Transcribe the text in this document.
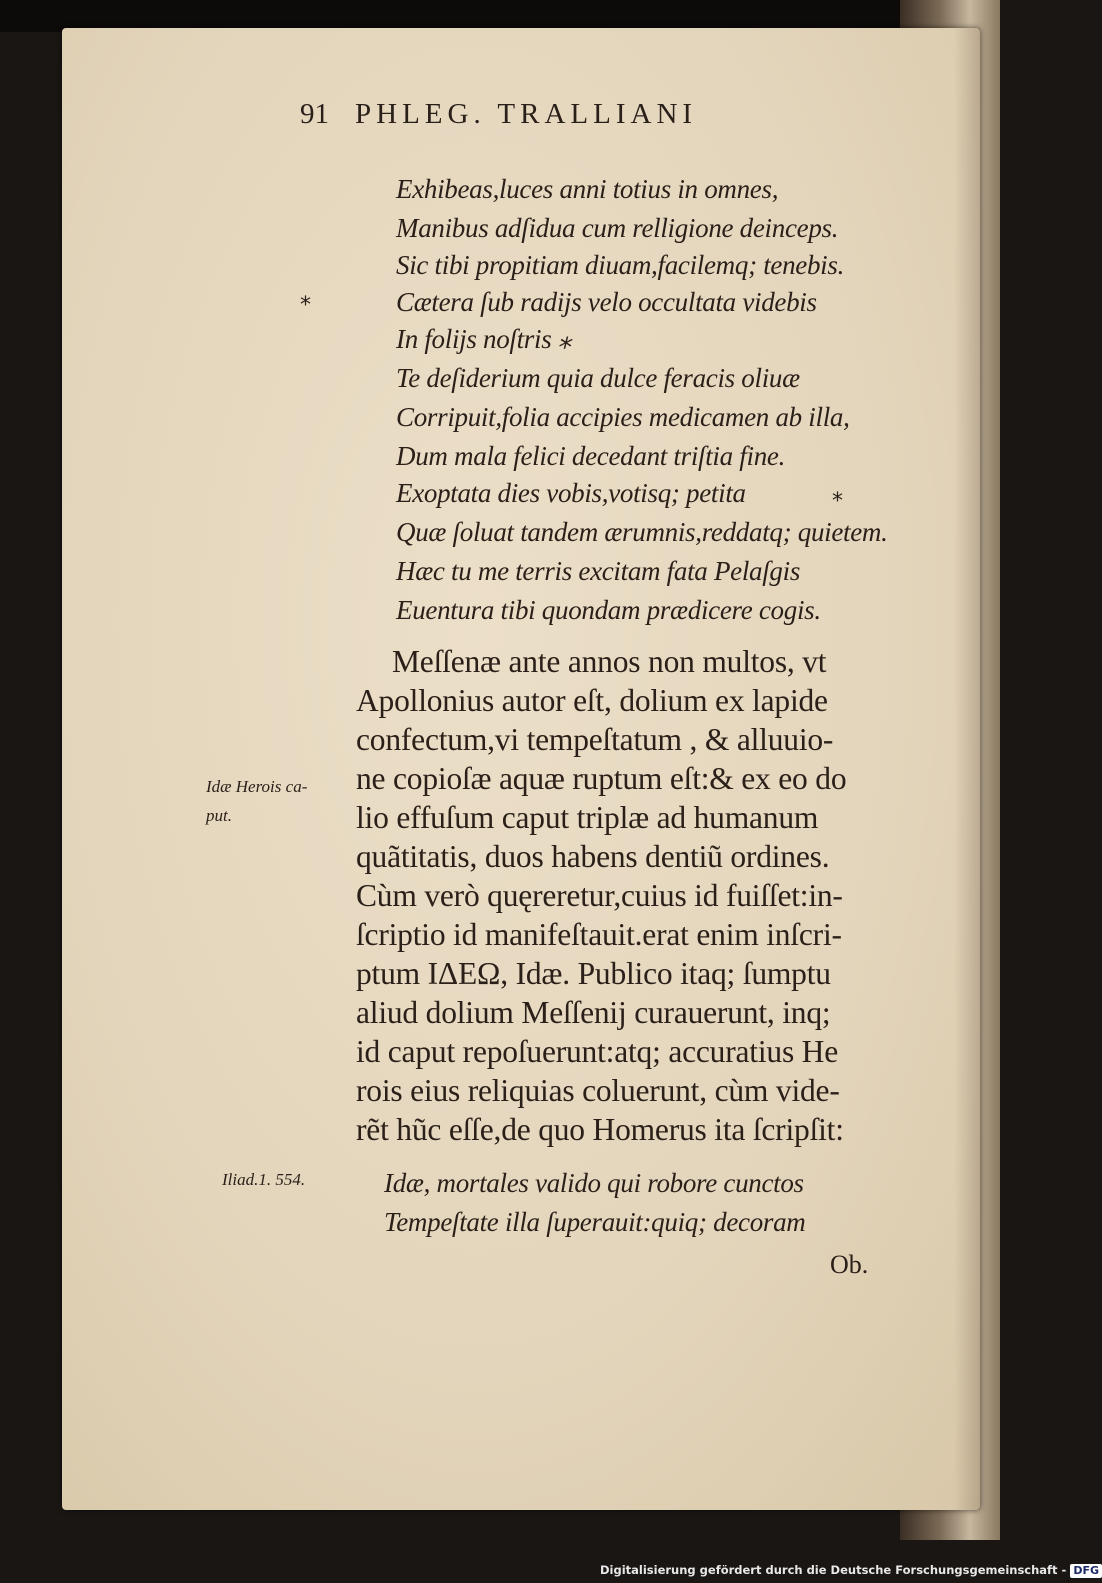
91 PHLEG. TRALLIANI
Exhibeas,luces anni totius in omnes,
Manibus adſidua cum relligione deinceps.
Sic tibi propitiam diuam,facilemq; tenebis.
Cætera ſub radijs velo occultata videbis
In folijs noſtris ⁎
Te deſiderium quia dulce feracis oliuæ
Corripuit,folia accipies medicamen ab illa,
Dum mala felici decedant triſtia fine.
Exoptata dies vobis,votisq; petita
Quæ ſoluat tandem ærumnis,reddatq; quietem.
Hæc tu me terris excitam fata Pelaſgis
Euentura tibi quondam prædicere cogis.
⁎
⁎
Meſſenæ ante annos non multos, vt
Apollonius autor eſt, dolium ex lapide
confectum,vi tempeſtatum , & alluuio-
ne copioſæ aquæ ruptum eſt:& ex eo do
lio effuſum caput triplæ ad humanum
quãtitatis, duos habens dentiũ ordines.
Cùm verò quęreretur,cuius id fuiſſet:in-
ſcriptio id manifeſtauit.erat enim inſcri-
ptum ΙΔΕΩ, Idæ. Publico itaq; ſumptu
aliud dolium Meſſenij curauerunt, inq;
id caput repoſuerunt:atq; accuratius He
rois eius reliquias coluerunt, cùm vide-
rẽt hũc eſſe,de quo Homerus ita ſcripſit:
Idæ Herois ca-
put.
Iliad.1. 554.	Idæ, mortales valido qui robore cunctos
Tempeſtate illa ſuperauit:quiq; decoram
Ob.
Digitalisierung gefördert durch die Deutsche Forschungsgemeinschaft - DFG
